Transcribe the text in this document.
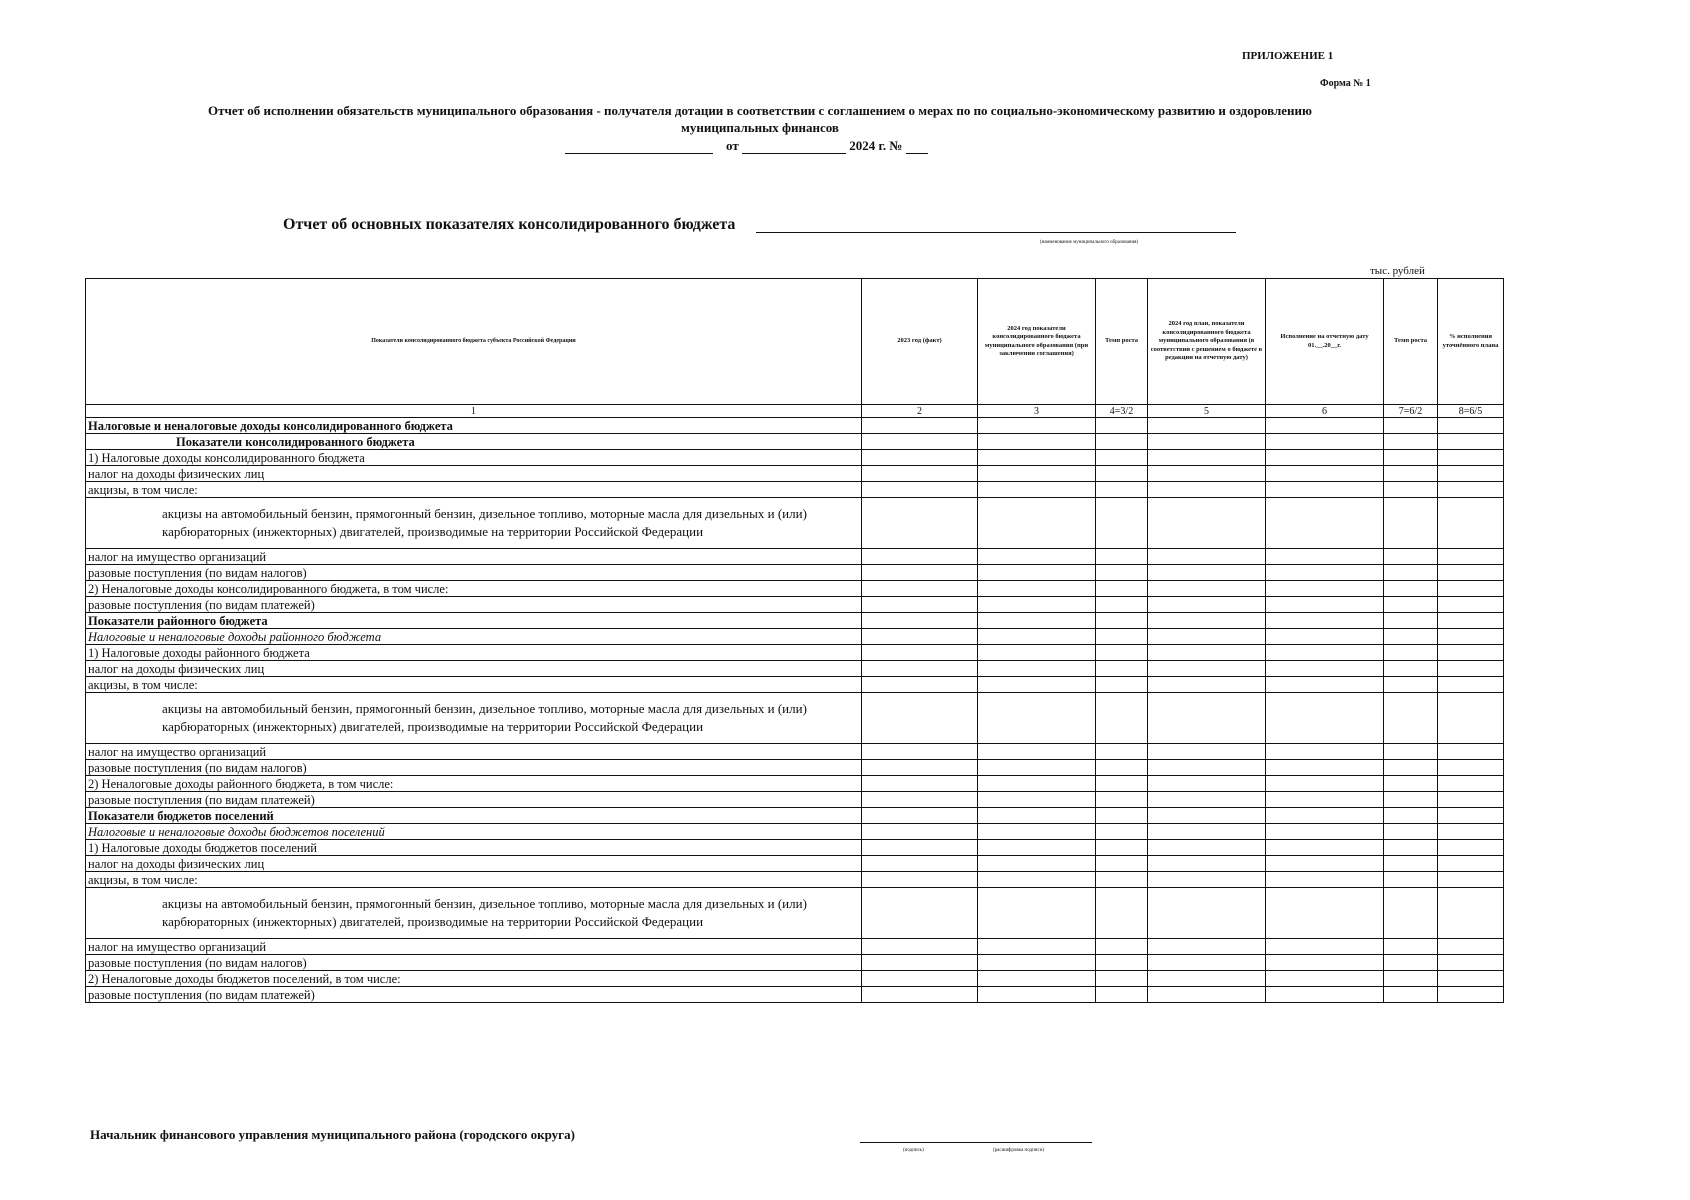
ПРИЛОЖЕНИЕ 1
Форма № 1
Отчет об исполнении обязательств муниципального образования - получателя дотации в соответствии с соглашением о мерах по по социально-экономическому развитию и оздоровлению
муниципальных финансов
от	2024 г. №
Отчет об основных показателях консолидированного бюджета
(наименование муниципального образования)
тыс. рублей
Показатели консолидированного бюджета субъекта Российской Федерации	2023 год (факт)	2024 год показатели консолидированного бюджета муниципального образования (при заключении соглашения)	Темп роста	2024 год план, показатели консолидированного бюджета муниципального образования (в соответствии с решением о бюджете в редакции на отчетную дату)	Исполнение на отчетную дату 01.__.20__г.	Темп роста	% исполнения уточнённого плана
1	2	3	4=3/2	5	6	7=6/2	8=6/5
Налоговые и неналоговые доходы консолидированного бюджета							
Показатели консолидированного бюджета							
1) Налоговые доходы консолидированного бюджета							
налог на доходы физических лиц							
акцизы, в том числе:							
акцизы на автомобильный бензин, прямогонный бензин, дизельное топливо, моторные масла для дизельных и (или) карбюраторных (инжекторных) двигателей, производимые на территории Российской Федерации							
налог на имущество организаций							
разовые поступления (по видам налогов)							
2) Неналоговые доходы консолидированного бюджета, в том числе:							
разовые поступления (по видам платежей)							
Показатели районного бюджета							
Налоговые и неналоговые доходы районного бюджета							
1) Налоговые доходы районного бюджета							
налог на доходы физических лиц							
акцизы, в том числе:							
акцизы на автомобильный бензин, прямогонный бензин, дизельное топливо, моторные масла для дизельных и (или) карбюраторных (инжекторных) двигателей, производимые на территории Российской Федерации							
налог на имущество организаций							
разовые поступления (по видам налогов)							
2) Неналоговые доходы районного бюджета, в том числе:							
разовые поступления (по видам платежей)							
Показатели бюджетов поселений							
Налоговые и неналоговые доходы бюджетов поселений							
1) Налоговые доходы бюджетов поселений							
налог на доходы физических лиц							
акцизы, в том числе:							
акцизы на автомобильный бензин, прямогонный бензин, дизельное топливо, моторные масла для дизельных и (или) карбюраторных (инжекторных) двигателей, производимые на территории Российской Федерации							
налог на имущество организаций							
разовые поступления (по видам налогов)							
2) Неналоговые доходы бюджетов поселений, в том числе:							
разовые поступления (по видам платежей)							
Начальник финансового управления муниципального района (городского округа)
(подпись)	(расшифровка подписи)
